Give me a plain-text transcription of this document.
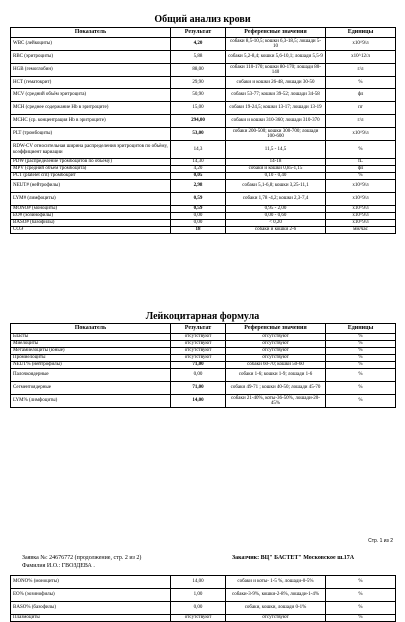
Общий анализ крови
Показатель	Результат	Референсные значения	Единицы
WBC (лейкоциты)	4,20	собаки 8,5-10,5; кошки 6,3-18,5; лошади 5-10	x10^9/л
RBC (эритроциты)	5,88	собаки 5,2-8,4; кошки 5,6-10,1; лошади 5,5-9	x10^12/л
HGB (гемоглобин)	88,00	собаки 110-170; кошки 80-170; лошади 80-140	г/л
HCT (гематокрит)	29,90	собаки и кошки 26-48, лошади 30-50	%
MCV (средний объём эритроцита)	50,90	собаки 53-77; кошки 39-52; лошади 34-58	фл
MCH (среднее содержание Hb в эритроците)	15,00	собаки 19-24,5; кошки 13-17; лошади 13-19	пг
MCHC (ср. концентрация Hb в эритроците)	294,00	собаки и кошки 310-360; лошади 310-370	г/л
PLT (тромбоциты)	53,00	собаки 200-500; кошки 300-700; лошади 100-600	x10^9/л
RDW-CV относительная ширина распределения эритроцитов по объёму, коэффициент вариации	14,3	11,5 - 14,5	%
PDW (распределение тромбоцитов по объёму)	14,30	14-18	fL
MPV (средний объём тромбоцита)	4,20	собаки и кошки 0,85-1,15	фл
PCT (platelet crit) тромбокрит	0,05	0,10 - 0,40	%
NEUT# (нейтрофилы)	2,98	собаки 5,1-6,8; кошки 3,25-11,1	x10^9/л
LYM# (лимфоциты)	0,59	собаки 1,78 -4,2; кошки 2,3-7,4	x10^9/л
MONO# (моноциты)	0,59	0,95 - 2,00	x10^9/л
EO# (эозинофилы)	0,00	0,00 - 0,60	x10^9/л
BASO# (базофилы)	0,00	< 0,20	x10^9/л
СОЭ	18	собаки и кошки 2-6	мм/час
Лейкоцитарная формула
Показатель	Результат	Референсные значения	Единицы
Бласты	отсутствуют	отсутствуют	%
Миелоциты	отсутствуют	отсутствуют	%
Метамиелоциты (юные)	отсутствуют	отсутствуют	%
Промиелоциты	отсутствуют	отсутствуют	%
NEUT% (нейтрофилы)	71,00	собаки 60-70; кошки 50-60	%
Палочкоядерные	0,00	собаки 1-6; кошки 1-9; лошади 1-6	%
Сегментоядерные	71,00	собаки 49-71 ; кошки 40-50; лошади 45-70	%
LYM% (лимфоциты)	14,00	собаки 21-40%, коты-36-50%, лошади-20-45%	%
Стр. 1 из 2
Заявка №: 24676772 (продолжение, стр. 2 из 2)	Заказчик: ВЦ" БАСТЕТ" Московское ш.17А
Фамилия И.О.: ГВОЗДЕВА .
MONO% (моноциты)	14,00	собаки и коты- 1-5 %, лошади-0-5%	%
EO% (эозинофилы)	1,00	собаки-3-9%, кошки-2-8%, лошади-1-4%	%
BASO% (базофилы)	0,00	собаки, кошки, лошади 0-1%	%
Плазмоциты	отсутствуют	отсутствуют	%
